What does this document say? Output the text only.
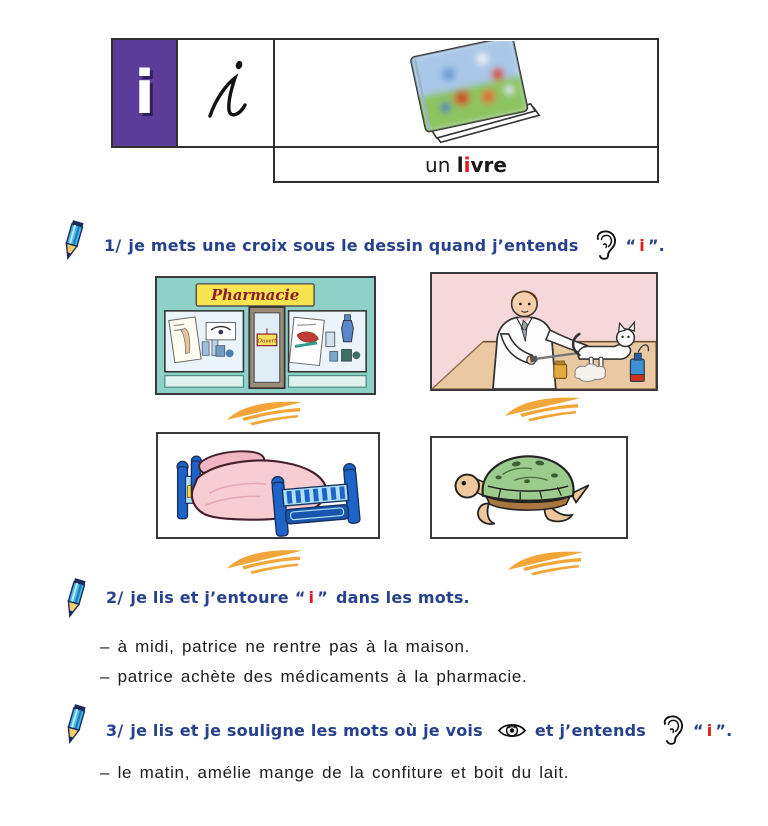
i
un
l i vre
1/ je mets une croix sous le dessin quand j’entends	“ i ”.
Pharmacie
Ouvert
2/ je lis et j’entoure “ i ” dans les mots.
– à midi, patrice ne rentre pas à la maison.
– patrice achète des médicaments à la pharmacie.
3/ je lis et je souligne les mots où je vois	et j’entends	“ i ”.
– le matin, amélie mange de la confiture et boit du lait.
